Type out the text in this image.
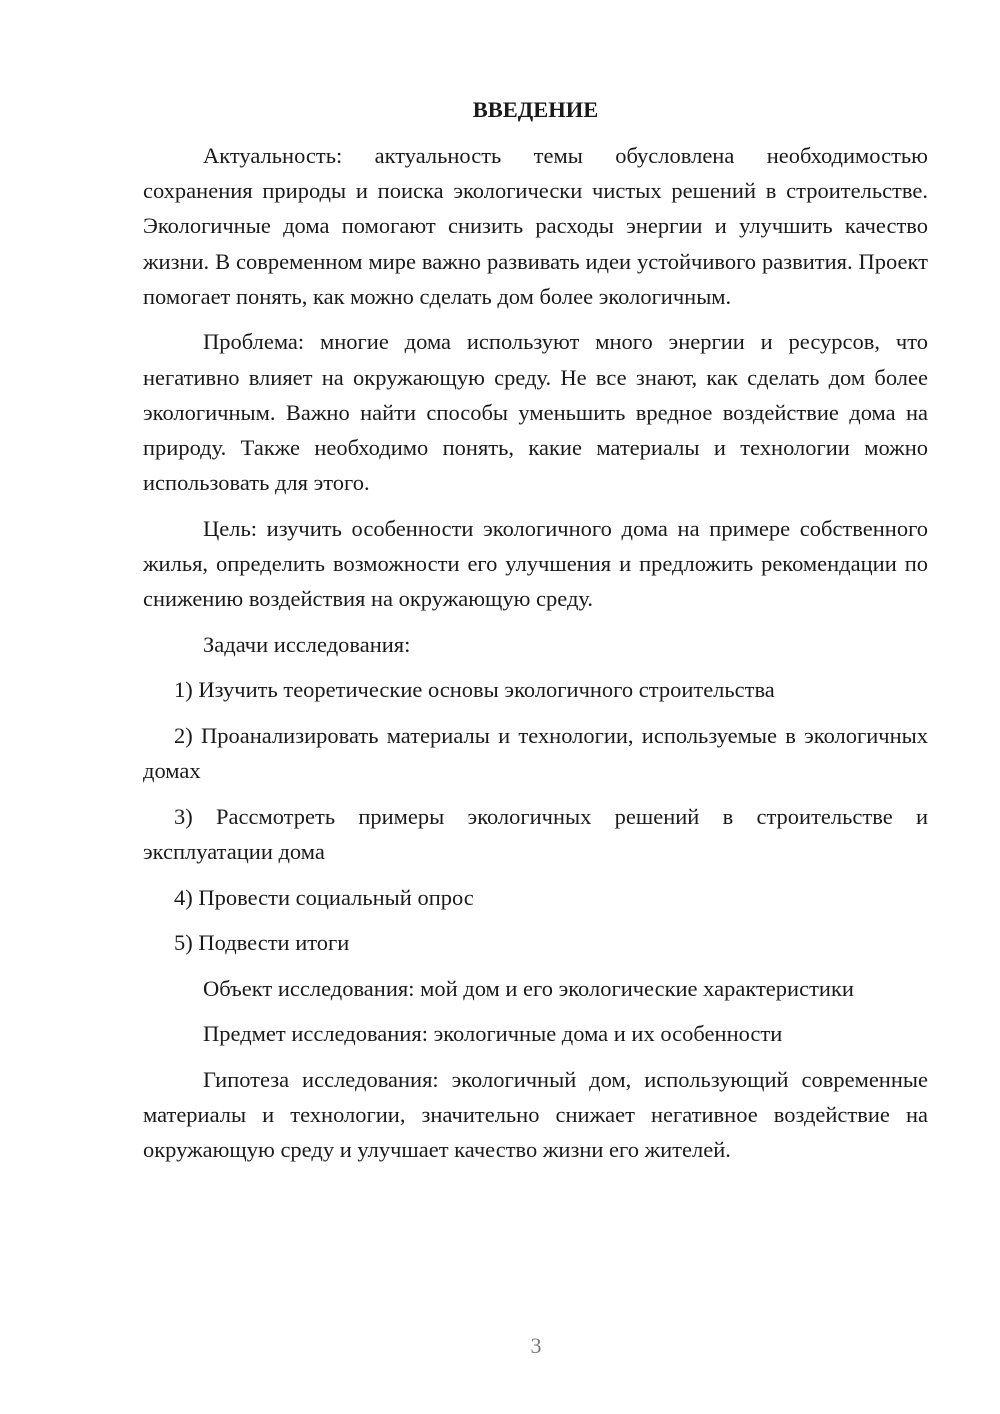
ВВЕДЕНИЕ

Актуальность: актуальность темы обусловлена необходимостью сохранения природы и поиска экологически чистых решений в строительстве. Экологичные дома помогают снизить расходы энергии и улучшить качество жизни. В современном мире важно развивать идеи устойчивого развития. Проект помогает понять, как можно сделать дом более экологичным.

Проблема: многие дома используют много энергии и ресурсов, что негативно влияет на окружающую среду. Не все знают, как сделать дом более экологичным. Важно найти способы уменьшить вредное воздействие дома на природу. Также необходимо понять, какие материалы и технологии можно использовать для этого.

Цель: изучить особенности экологичного дома на примере собственного жилья, определить возможности его улучшения и предложить рекомендации по снижению воздействия на окружающую среду.

Задачи исследования:

1) Изучить теоретические основы экологичного строительства

2) Проанализировать материалы и технологии, используемые в экологичных домах

3) Рассмотреть примеры экологичных решений в строительстве и эксплуатации дома

4) Провести социальный опрос

5) Подвести итоги

Объект исследования: мой дом и его экологические характеристики

Предмет исследования: экологичные дома и их особенности

Гипотеза исследования: экологичный дом, использующий современные материалы и технологии, значительно снижает негативное воздействие на окружающую среду и улучшает качество жизни его жителей.

3
